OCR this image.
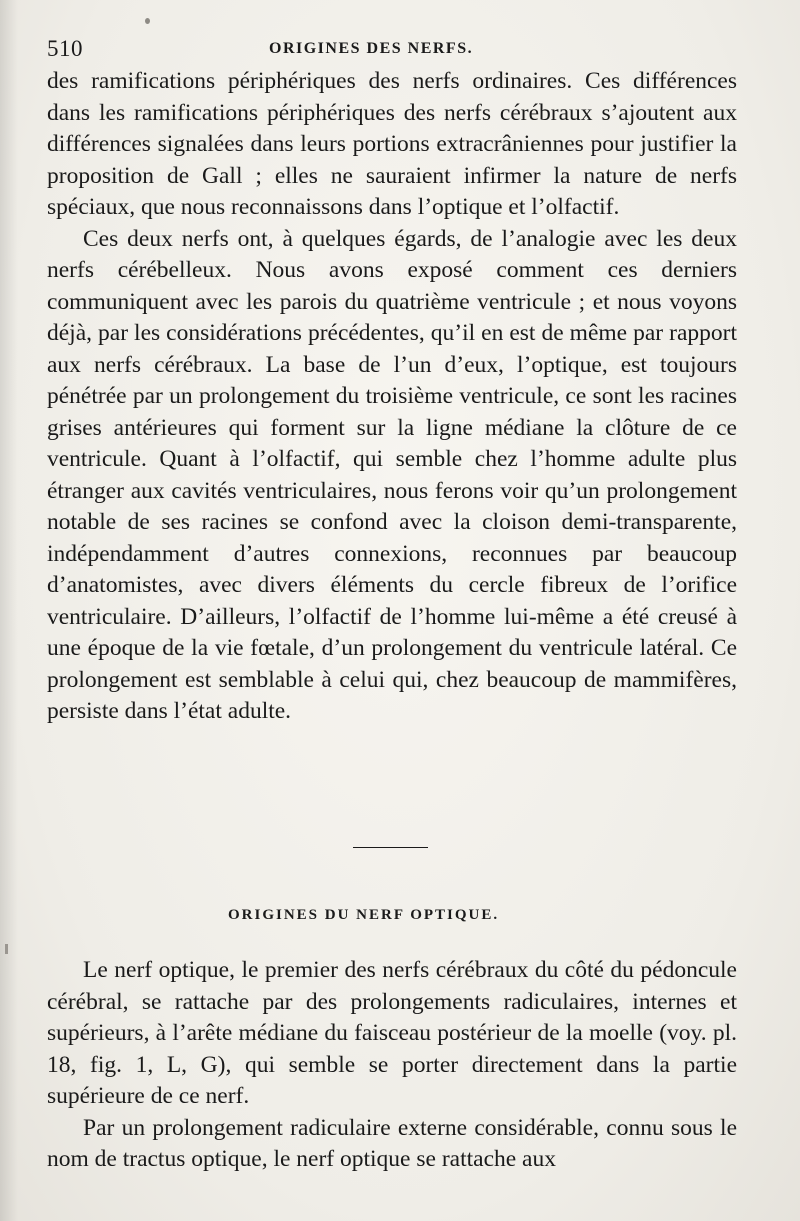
510	ORIGINES DES NERFS.

des ramifications périphériques des nerfs ordinaires. Ces différences dans les ramifications périphériques des nerfs cérébraux s’ajoutent aux différences signalées dans leurs portions extracrâniennes pour justifier la proposition de Gall ; elles ne sauraient infirmer la nature de nerfs spéciaux, que nous reconnaissons dans l’optique et l’olfactif.

Ces deux nerfs ont, à quelques égards, de l’analogie avec les deux nerfs cérébelleux. Nous avons exposé comment ces derniers communiquent avec les parois du quatrième ventricule ; et nous voyons déjà, par les considérations précédentes, qu’il en est de même par rapport aux nerfs cérébraux. La base de l’un d’eux, l’optique, est toujours pénétrée par un prolongement du troisième ventricule, ce sont les racines grises antérieures qui forment sur la ligne médiane la clôture de ce ventricule. Quant à l’olfactif, qui semble chez l’homme adulte plus étranger aux cavités ventriculaires, nous ferons voir qu’un prolongement notable de ses racines se confond avec la cloison demi-transparente, indépendamment d’autres connexions, reconnues par beaucoup d’anatomistes, avec divers éléments du cercle fibreux de l’orifice ventriculaire. D’ailleurs, l’olfactif de l’homme lui-même a été creusé à une époque de la vie fœtale, d’un prolongement du ventricule latéral. Ce prolongement est semblable à celui qui, chez beaucoup de mammifères, persiste dans l’état adulte.

ORIGINES DU NERF OPTIQUE.

Le nerf optique, le premier des nerfs cérébraux du côté du pédoncule cérébral, se rattache par des prolongements radiculaires, internes et supérieurs, à l’arête médiane du faisceau postérieur de la moelle (voy. pl. 18, fig. 1, L, G), qui semble se porter directement dans la partie supérieure de ce nerf.

Par un prolongement radiculaire externe considérable, connu sous le nom de tractus optique, le nerf optique se rattache aux
